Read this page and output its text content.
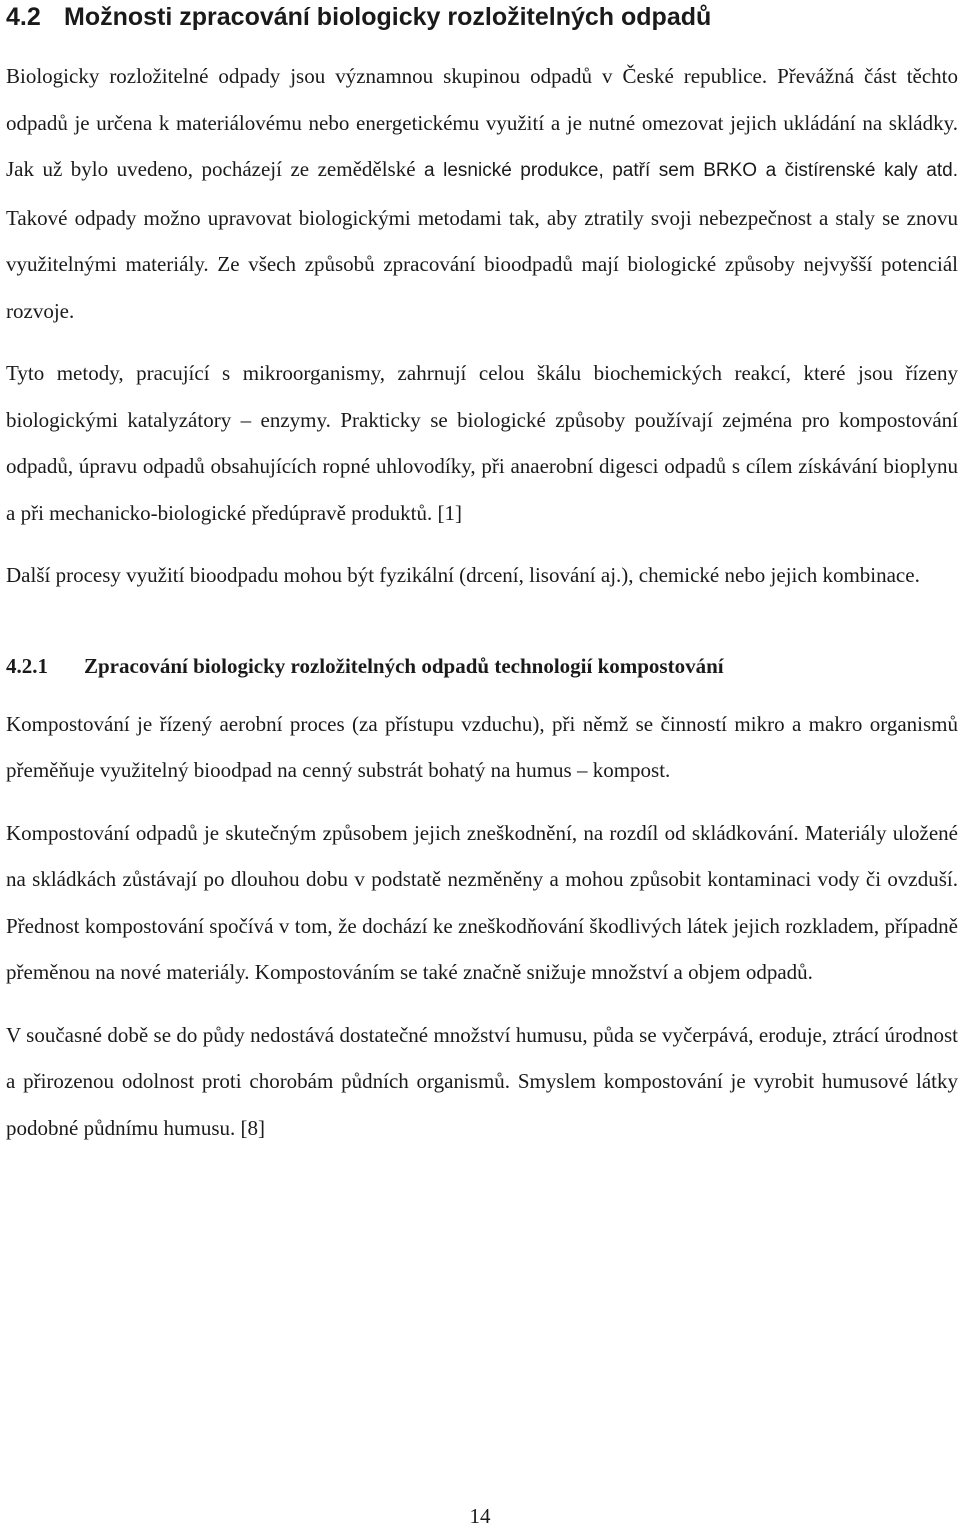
4.2 Možnosti zpracování biologicky rozložitelných odpadů

Biologicky rozložitelné odpady jsou významnou skupinou odpadů v České republice. Převážná část těchto odpadů je určena k materiálovému nebo energetickému využití a je nutné omezovat jejich ukládání na skládky. Jak už bylo uvedeno, pocházejí ze zemědělské a lesnické produkce, patří sem BRKO a čistírenské kaly atd. Takové odpady možno upravovat biologickými metodami tak, aby ztratily svoji nebezpečnost a staly se znovu využitelnými materiály. Ze všech způsobů zpracování bioodpadů mají biologické způsoby nejvyšší potenciál rozvoje.

Tyto metody, pracující s mikroorganismy, zahrnují celou škálu biochemických reakcí, které jsou řízeny biologickými katalyzátory – enzymy. Prakticky se biologické způsoby používají zejména pro kompostování odpadů, úpravu odpadů obsahujících ropné uhlovodíky, při anaerobní digesci odpadů s cílem získávání bioplynu a při mechanicko-biologické předúpravě produktů. [1]

Další procesy využití bioodpadu mohou být fyzikální (drcení, lisování aj.), chemické nebo jejich kombinace.

4.2.1 Zpracování biologicky rozložitelných odpadů technologií kompostování

Kompostování je řízený aerobní proces (za přístupu vzduchu), při němž se činností mikro a makro organismů přeměňuje využitelný bioodpad na cenný substrát bohatý na humus – kompost.

Kompostování odpadů je skutečným způsobem jejich zneškodnění, na rozdíl od skládkování. Materiály uložené na skládkách zůstávají po dlouhou dobu v podstatě nezměněny a mohou způsobit kontaminaci vody či ovzduší. Přednost kompostování spočívá v tom, že dochází ke zneškodňování škodlivých látek jejich rozkladem, případně přeměnou na nové materiály. Kompostováním se také značně snižuje množství a objem odpadů.

V současné době se do půdy nedostává dostatečné množství humusu, půda se vyčerpává, eroduje, ztrácí úrodnost a přirozenou odolnost proti chorobám půdních organismů. Smyslem kompostování je vyrobit humusové látky podobné půdnímu humusu. [8]

14
